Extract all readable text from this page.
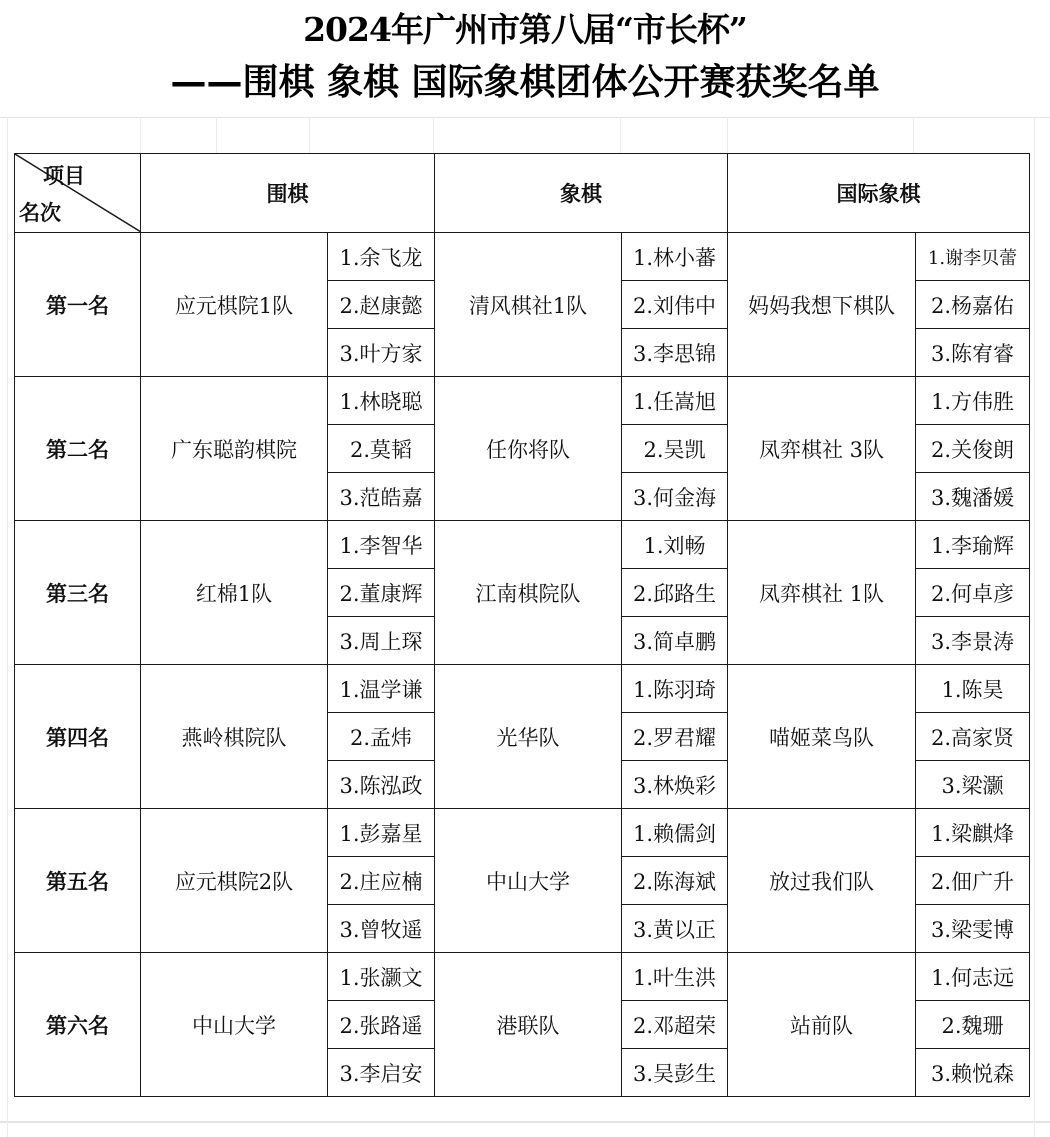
2024年广州市第八届“市长杯”
——围棋 象棋 国际象棋团体公开赛获奖名单
项目
名次	围棋		象棋		国际象棋	
第一名	应元棋院1队	1.余飞龙	清风棋社1队	1.林小蕃	妈妈我想下棋队	1.谢李贝蕾
		2.赵康懿		2.刘伟中		2.杨嘉佑
		3.叶方家		3.李思锦		3.陈宥睿
第二名	广东聪韵棋院	1.林晓聪	任你将队	1.任嵩旭	凤弈棋社 3队	1.方伟胜
		2.莫韬		2.吴凯		2.关俊朗
		3.范皓嘉		3.何金海		3.魏潘媛
第三名	红棉1队	1.李智华	江南棋院队	1.刘畅	凤弈棋社 1队	1.李瑜辉
		2.董康辉		2.邱路生		2.何卓彦
		3.周上琛		3.简卓鹏		3.李景涛
第四名	燕岭棋院队	1.温学谦	光华队	1.陈羽琦	喵姬菜鸟队	1.陈昊
		2.孟炜		2.罗君耀		2.高家贤
		3.陈泓政		3.林焕彩		3.梁灏
第五名	应元棋院2队	1.彭嘉星	中山大学	1.赖儒剑	放过我们队	1.梁麒烽
		2.庄应楠		2.陈海斌		2.佃广升
		3.曾牧遥		3.黄以正		3.梁雯博
第六名	中山大学	1.张灏文	港联队	1.叶生洪	站前队	1.何志远
		2.张路遥		2.邓超荣		2.魏珊
		3.李启安		3.吴彭生		3.赖悦森
